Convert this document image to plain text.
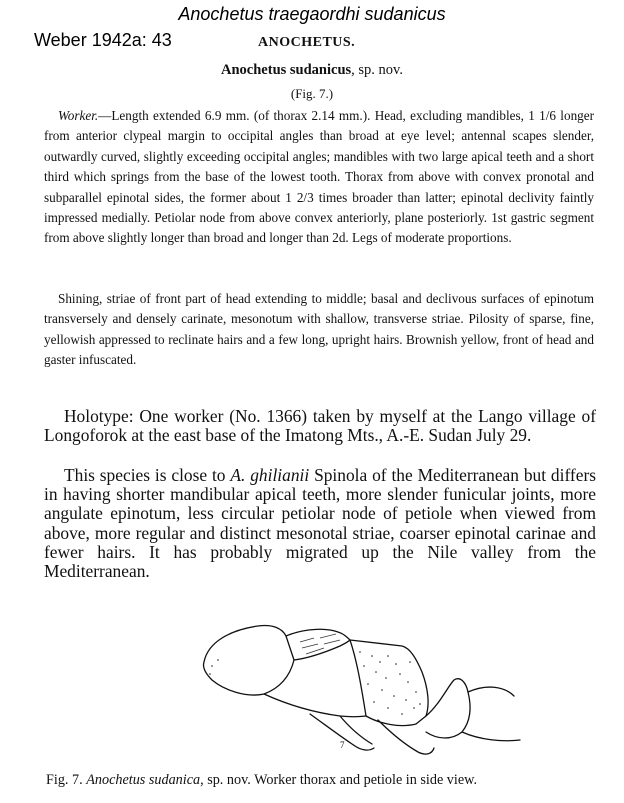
Anochetus traegaordhi sudanicus
Weber 1942a: 43	ANOCHETUS.
Anochetus sudanicus, sp. nov.
(Fig. 7.)

Worker.—Length extended 6.9 mm. (of thorax 2.14 mm.). Head, excluding mandibles, 1 1/6 longer from anterior clypeal margin to occipital angles than broad at eye level; antennal scapes slender, outwardly curved, slightly exceeding occipital angles; mandibles with two large apical teeth and a short third which springs from the base of the lowest tooth. Thorax from above with convex pronotal and subparallel epinotal sides, the former about 1 2/3 times broader than latter; epinotal declivity faintly impressed medially. Petiolar node from above convex anteriorly, plane posteriorly. 1st gastric segment from above slightly longer than broad and longer than 2d. Legs of moderate proportions.

Shining, striae of front part of head extending to middle; basal and declivous surfaces of epinotum transversely and densely carinate, mesonotum with shallow, transverse striae. Pilosity of sparse, fine, yellowish appressed to reclinate hairs and a few long, upright hairs. Brownish yellow, front of head and gaster infuscated.

Holotype: One worker (No. 1366) taken by myself at the Lango village of Longoforok at the east base of the Imatong Mts., A.-E. Sudan July 29.

This species is close to A. ghilianii Spinola of the Mediterranean but differs in having shorter mandibular apical teeth, more slender funicular joints, more angulate epinotum, less circular petiolar node of petiole when viewed from above, more regular and distinct mesonotal striae, coarser epinotal carinae and fewer hairs. It has probably migrated up the Nile valley from the Mediterranean.

7
Fig. 7. Anochetus sudanica, sp. nov. Worker thorax and petiole in side view.
